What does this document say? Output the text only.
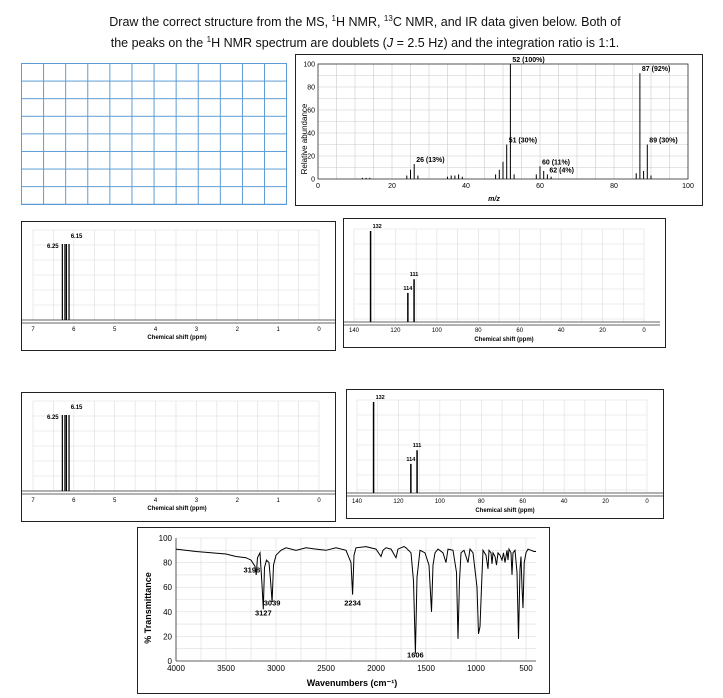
Draw the correct structure from the MS, $^1$H NMR, $^{13}$C NMR, and IR data given below. Both of
the peaks on the $^1$H NMR spectrum are doublets (J = 2.5 Hz) and the integration ratio is 1:1.
Relative abundance
m/z
0	20	40	60	80	100
0
20
40
60
80
100
52 (100%)
87 (92%)
89 (30%)
51 (30%)
26 (13%)	60 (11%)
62 (4%)
Chemical shift (ppm)
7	6	5	4	3	2	1	0
6.25
6.15
Chemical shift (ppm)
140	120	100	80	60	40	20	0
132
114
111
Chemical shift (ppm)
7	6	5	4	3	2	1	0
6.25
6.15
Chemical shift (ppm)
140	120	100	80	60	40	20	0
132
114
111
% Transmittance
Wavenumbers (cm⁻¹)
4000	3500	3000	2500	2000	1500	1000	500
0
20
40
60
80
100
3198
3039
3127
2234
1606
